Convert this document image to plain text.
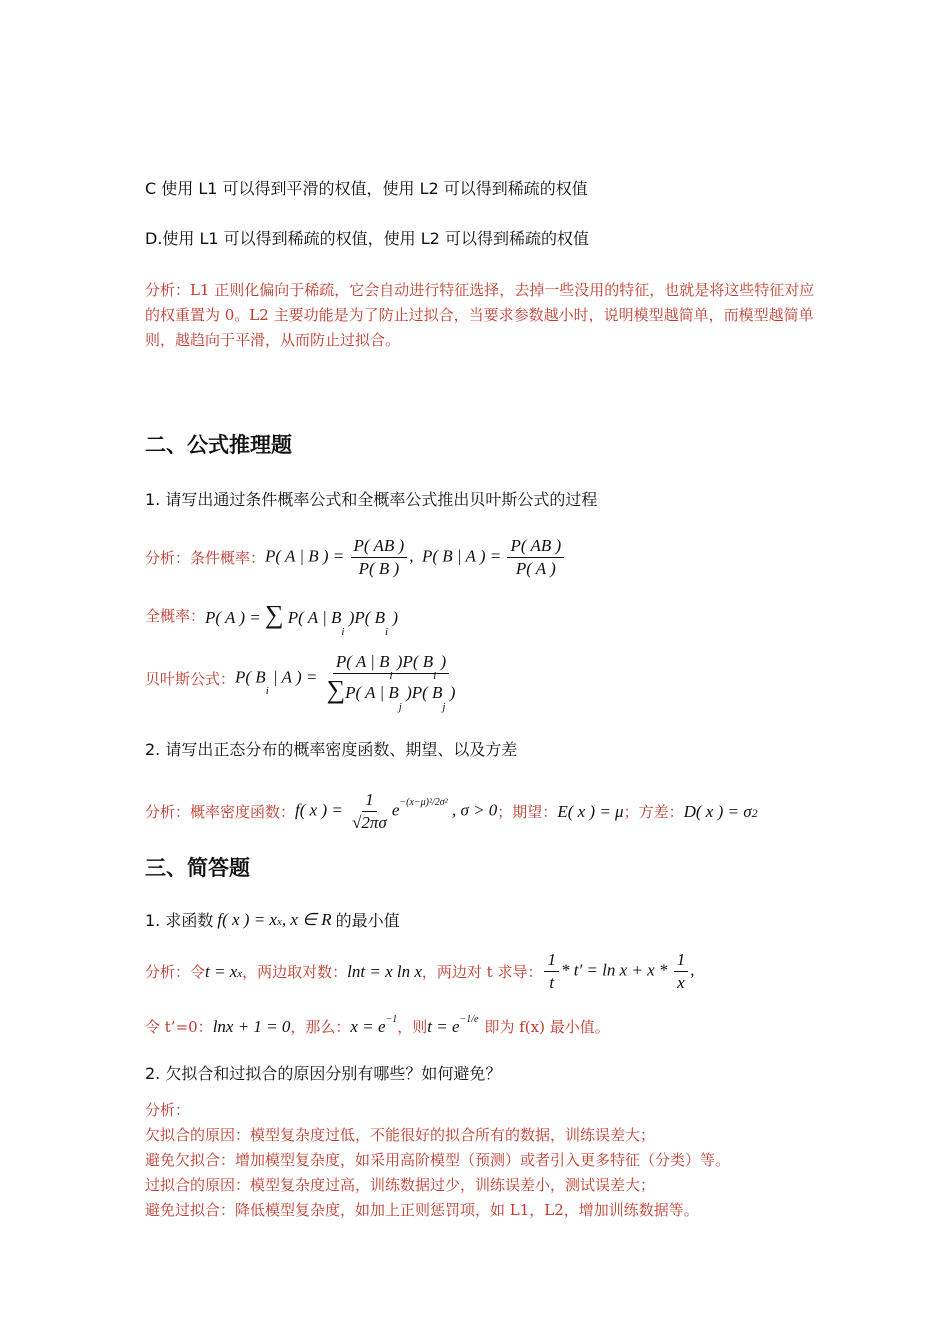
C 使用 L1 可以得到平滑的权值，使用 L2 可以得到稀疏的权值
D.使用 L1 可以得到稀疏的权值，使用 L2 可以得到稀疏的权值
分析：L1 正则化偏向于稀疏，它会自动进行特征选择，去掉一些没用的特征，也就是将这些特征对应的权重置为 0。L2 主要功能是为了防止过拟合，当要求参数越小时，说明模型越简单，而模型越简单则，越趋向于平滑，从而防止过拟合。
二、公式推理题
1. 请写出通过条件概率公式和全概率公式推出贝叶斯公式的过程
分析：条件概率： P( A | B ) = $\frac{P( AB )}{P( B )}$ ,  P( B | A ) = $\frac{P( AB )}{P( A )}$
全概率： P( A ) = ∑ P( A | $B_i$ )P( $B_i$ )
贝叶斯公式： P( $B_i$ | A ) = $\frac{P( A | B_i )P( B_i )}{\sum P( A | B_j )P( B_j )}$
2. 请写出正态分布的概率密度函数、期望、以及方差
分析：概率密度函数： f( x ) = $\frac{1}{√2\pi\sigma} e^{-(x-\mu)^2/2\sigma^2}$ , σ > 0 ；期望： E( x ) = μ ；方差： D( x ) = σ2
三、简答题
1. 求函数 f( x ) = xx, x ∈ R 的最小值
分析：令 t = xx ，两边取对数： lnt = x ln x ，两边对 t 求导： $\frac{1}{t} * t' = \ln x + x * \frac{1}{x}$ ,
令 t’=0： lnx + 1 = 0 ，那么： $x = e^{-1}$ ，则 $t = e^{-1/e}$ 即为 f(x) 最小值。
2. 欠拟合和过拟合的原因分别有哪些？如何避免？
分析：
欠拟合的原因：模型复杂度过低，不能很好的拟合所有的数据，训练误差大；
避免欠拟合：增加模型复杂度，如采用高阶模型（预测）或者引入更多特征（分类）等。
过拟合的原因：模型复杂度过高，训练数据过少，训练误差小，测试误差大；
避免过拟合：降低模型复杂度，如加上正则惩罚项，如 L1，L2，增加训练数据等。
